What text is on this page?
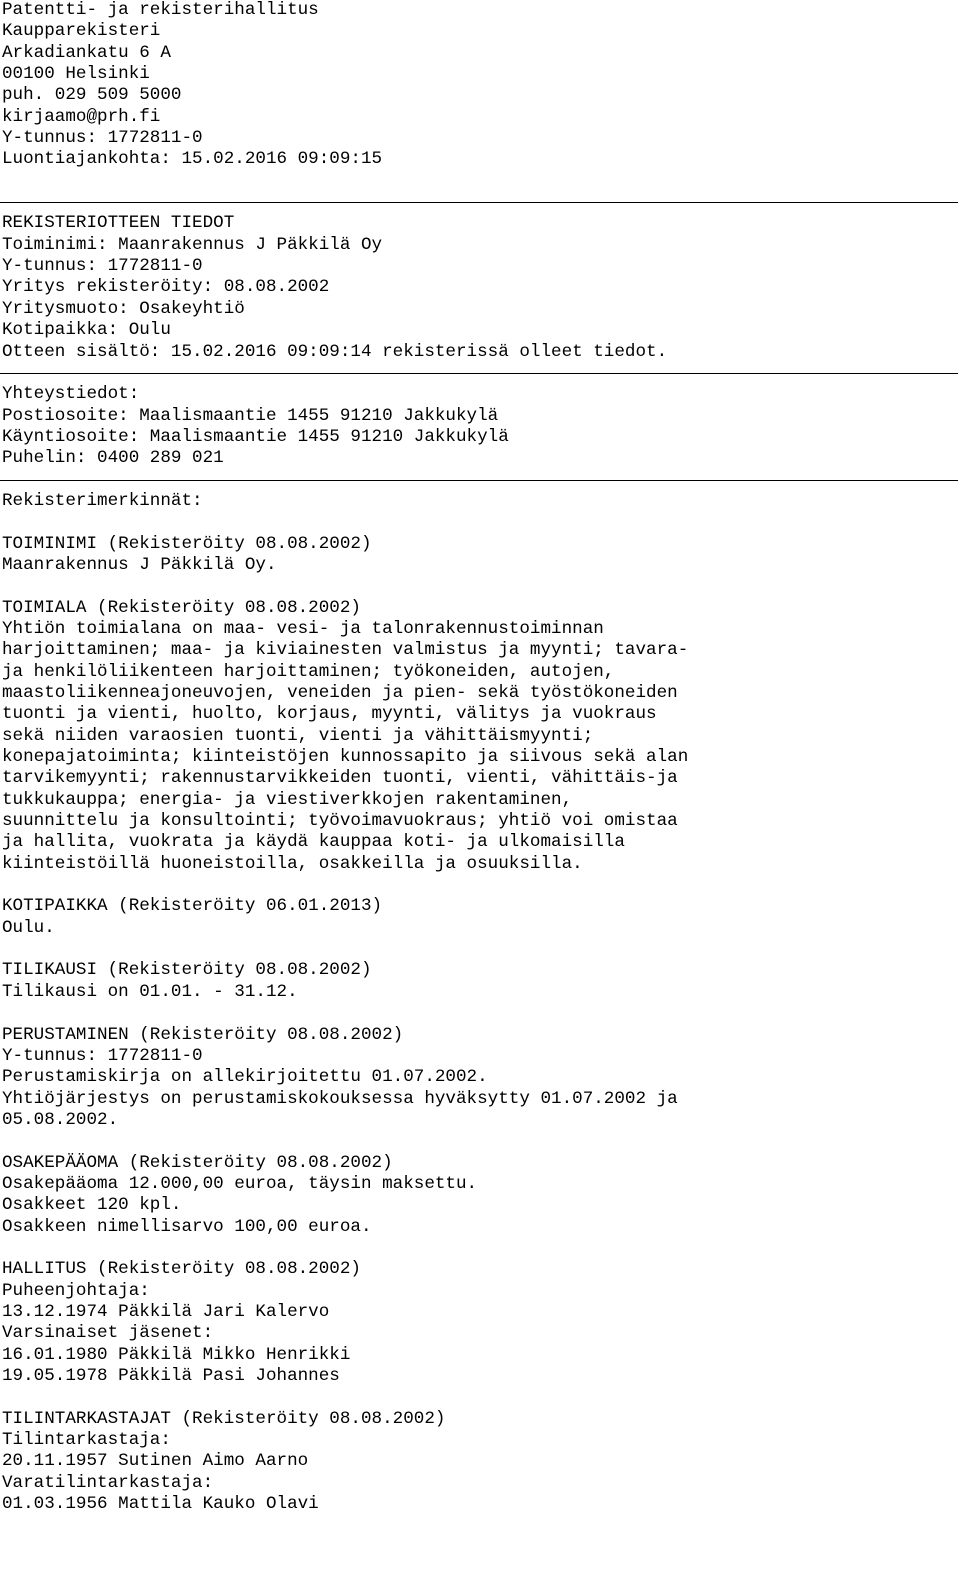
Patentti- ja rekisterihallitus
Kaupparekisteri
Arkadiankatu 6 A
00100 Helsinki
puh. 029 509 5000
kirjaamo@prh.fi
Y-tunnus: 1772811-0
Luontiajankohta: 15.02.2016 09:09:15
REKISTERIOTTEEN TIEDOT
Toiminimi: Maanrakennus J Päkkilä Oy
Y-tunnus: 1772811-0
Yritys rekisteröity: 08.08.2002
Yritysmuoto: Osakeyhtiö
Kotipaikka: Oulu
Otteen sisältö: 15.02.2016 09:09:14 rekisterissä olleet tiedot.
Yhteystiedot:
Postiosoite: Maalismaantie 1455 91210 Jakkukylä
Käyntiosoite: Maalismaantie 1455 91210 Jakkukylä
Puhelin: 0400 289 021
Rekisterimerkinnät:
TOIMINIMI (Rekisteröity 08.08.2002)
Maanrakennus J Päkkilä Oy.
TOIMIALA (Rekisteröity 08.08.2002)
Yhtiön toimialana on maa- vesi- ja talonrakennustoiminnan
harjoittaminen; maa- ja kiviainesten valmistus ja myynti; tavara-
ja henkilöliikenteen harjoittaminen; työkoneiden, autojen,
maastoliikenneajoneuvojen, veneiden ja pien- sekä työstökoneiden
tuonti ja vienti, huolto, korjaus, myynti, välitys ja vuokraus
sekä niiden varaosien tuonti, vienti ja vähittäismyynti;
konepajatoiminta; kiinteistöjen kunnossapito ja siivous sekä alan
tarvikemyynti; rakennustarvikkeiden tuonti, vienti, vähittäis-ja
tukkukauppa; energia- ja viestiverkkojen rakentaminen,
suunnittelu ja konsultointi; työvoimavuokraus; yhtiö voi omistaa
ja hallita, vuokrata ja käydä kauppaa koti- ja ulkomaisilla
kiinteistöillä huoneistoilla, osakkeilla ja osuuksilla.
KOTIPAIKKA (Rekisteröity 06.01.2013)
Oulu.
TILIKAUSI (Rekisteröity 08.08.2002)
Tilikausi on 01.01. - 31.12.
PERUSTAMINEN (Rekisteröity 08.08.2002)
Y-tunnus: 1772811-0
Perustamiskirja on allekirjoitettu 01.07.2002.
Yhtiöjärjestys on perustamiskokouksessa hyväksytty 01.07.2002 ja
05.08.2002.
OSAKEPÄÄOMA (Rekisteröity 08.08.2002)
Osakepääoma 12.000,00 euroa, täysin maksettu.
Osakkeet 120 kpl.
Osakkeen nimellisarvo 100,00 euroa.
HALLITUS (Rekisteröity 08.08.2002)
Puheenjohtaja:
13.12.1974 Päkkilä Jari Kalervo
Varsinaiset jäsenet:
16.01.1980 Päkkilä Mikko Henrikki
19.05.1978 Päkkilä Pasi Johannes
TILINTARKASTAJAT (Rekisteröity 08.08.2002)
Tilintarkastaja:
20.11.1957 Sutinen Aimo Aarno
Varatilintarkastaja:
01.03.1956 Mattila Kauko Olavi
